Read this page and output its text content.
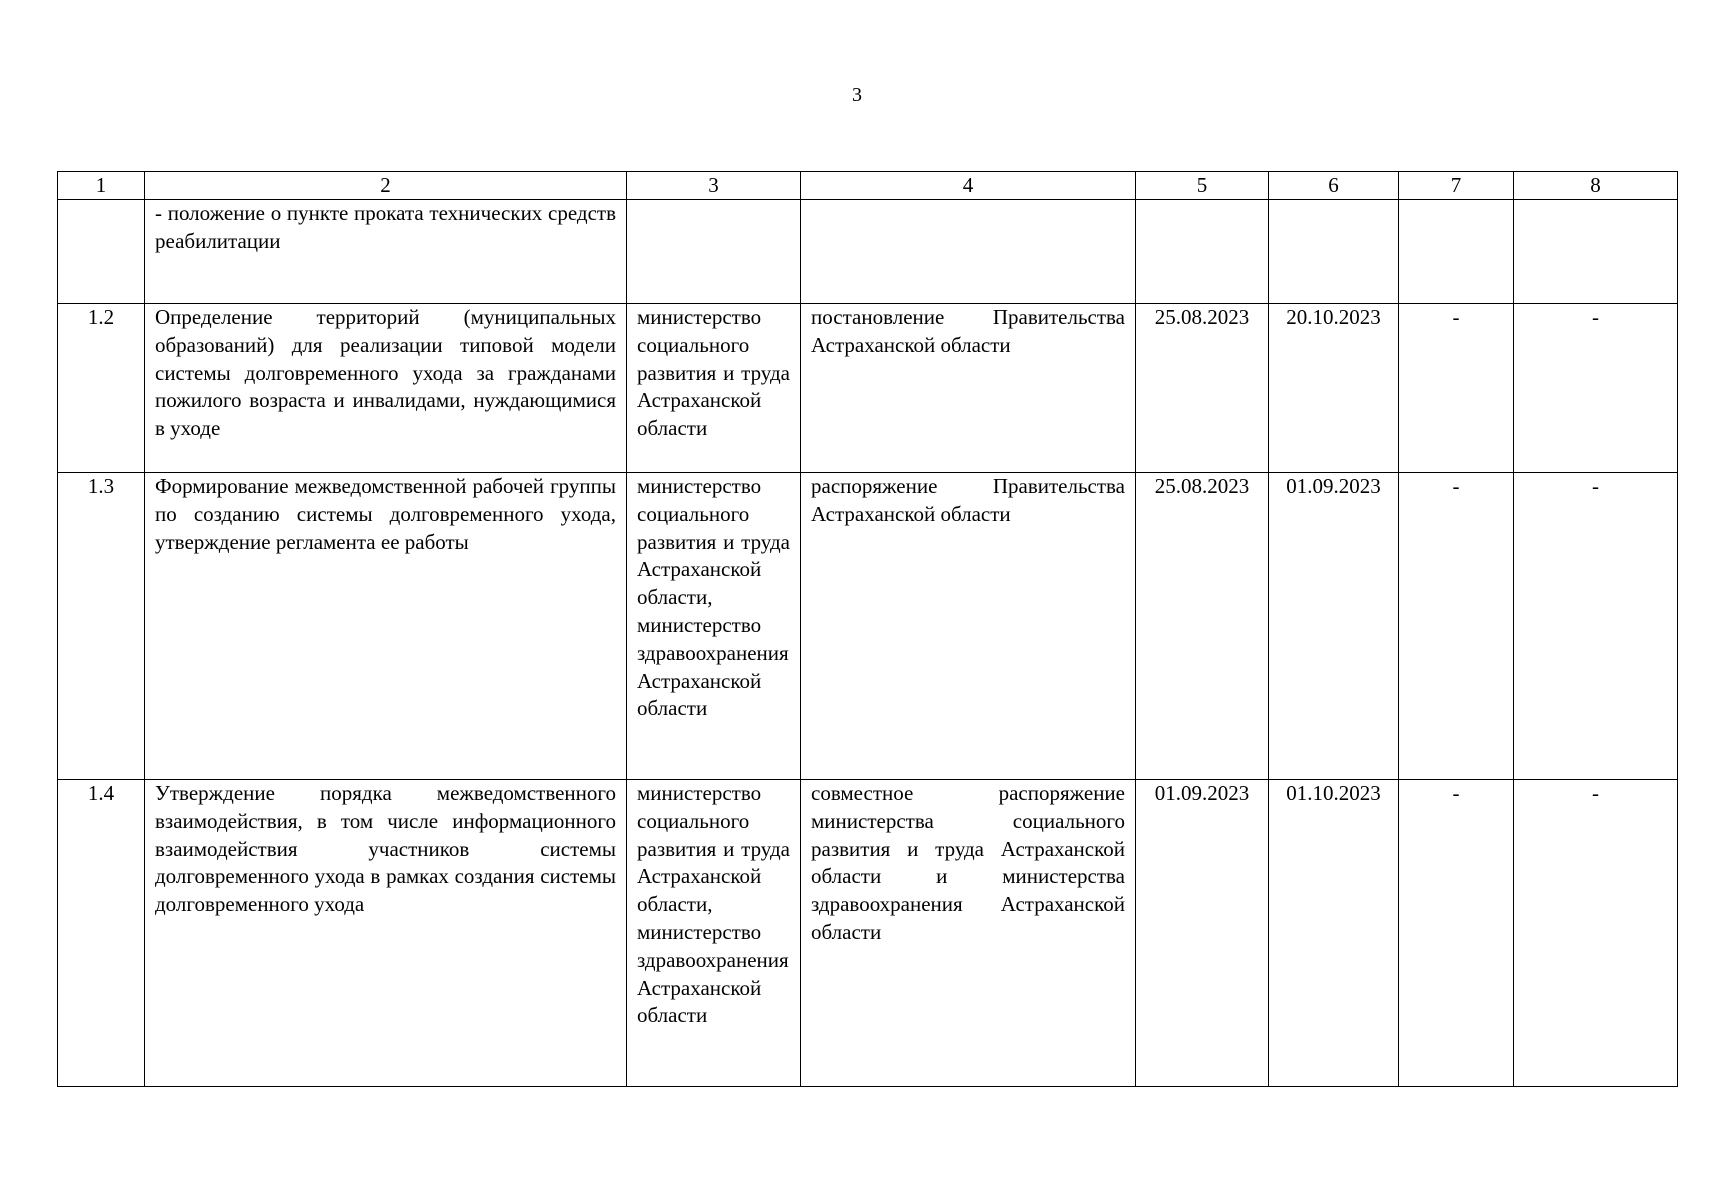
3
1	2	3	4	5	6	7	8
	- положение о пункте проката технических средств реабилитации						
1.2	Определение территорий (муниципальных образований) для реализации типовой модели системы долговременного ухода за гражданами пожилого возраста и инвалидами, нуждающимися в уходе	министерство социального развития и труда Астраханской области	постановление Правительства Астраханской области	25.08.2023	20.10.2023	-	-
1.3	Формирование межведомственной рабочей группы по созданию системы долговременного ухода, утверждение регламента ее работы	министерство социального развития и труда Астраханской области, министерство здравоохранения Астраханской области	распоряжение Правительства Астраханской области	25.08.2023	01.09.2023	-	-
1.4	Утверждение порядка межведомственного взаимодействия, в том числе информационного взаимодействия участников системы долговременного ухода в рамках создания системы долговременного ухода	министерство социального развития и труда Астраханской области, министерство здравоохранения Астраханской области	совместное распоряжение министерства социального развития и труда Астраханской области и министерства здравоохранения Астраханской области	01.09.2023	01.10.2023	-	-
